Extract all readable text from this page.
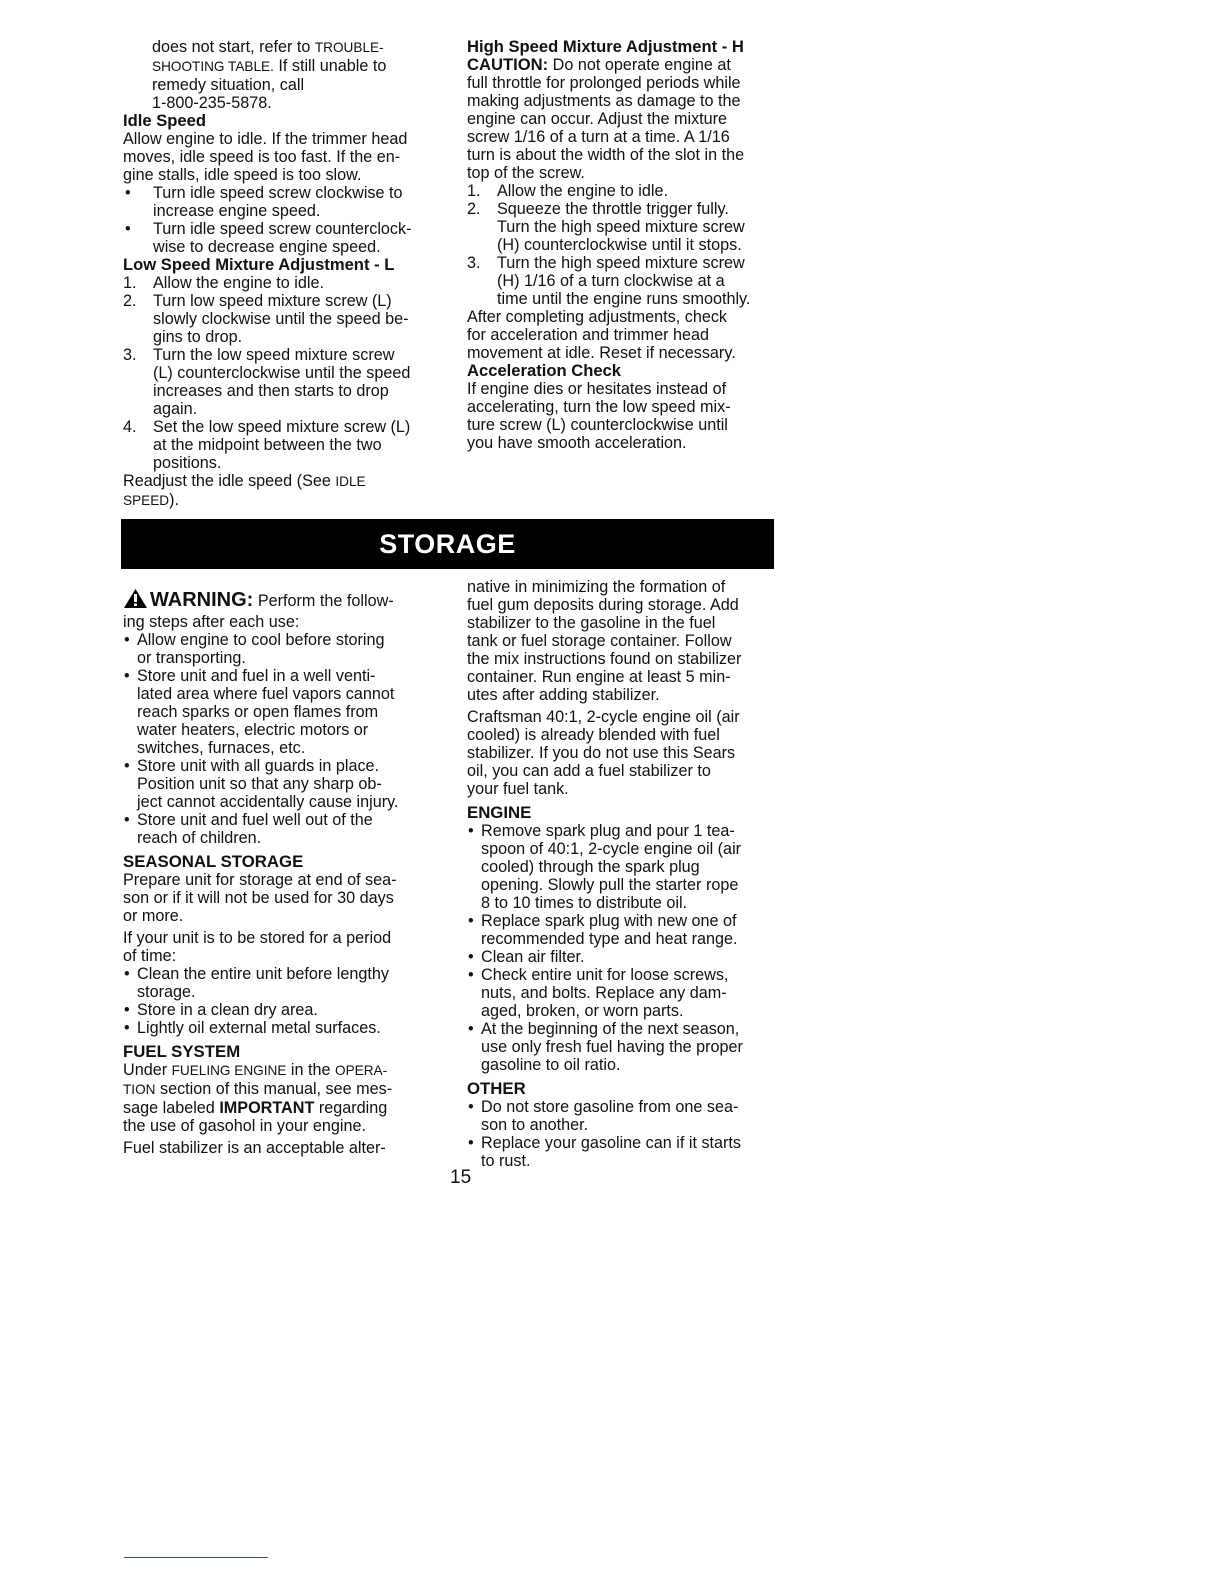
does not start, refer to TROUBLE-

SHOOTING TABLE. If still unable to

remedy situation, call

1-800-235-5878.

Idle Speed

Allow engine to idle. If the trimmer head

moves, idle speed is too fast. If the en-

gine stalls, idle speed is too slow.

•	Turn idle speed screw clockwise to

increase engine speed.

•	Turn idle speed screw counterclock-

wise to decrease engine speed.

Low Speed Mixture Adjustment - L

1.	Allow the engine to idle.

2.	Turn low speed mixture screw (L)

slowly clockwise until the speed be-

gins to drop.

3.	Turn the low speed mixture screw

(L) counterclockwise until the speed

increases and then starts to drop

again.

4.	Set the low speed mixture screw (L)

at the midpoint between the two

positions.

Readjust the idle speed (See IDLE

SPEED).

High Speed Mixture Adjustment - H

CAUTION: Do not operate engine at

full throttle for prolonged periods while

making adjustments as damage to the

engine can occur. Adjust the mixture

screw 1/16 of a turn at a time. A 1/16

turn is about the width of the slot in the

top of the screw.

1.	Allow the engine to idle.

2.	Squeeze the throttle trigger fully.

Turn the high speed mixture screw

(H) counterclockwise until it stops.

3.	Turn the high speed mixture screw

(H) 1/16 of a turn clockwise at a

time until the engine runs smoothly.

After completing adjustments, check

for acceleration and trimmer head

movement at idle. Reset if necessary.

Acceleration Check

If engine dies or hesitates instead of

accelerating, turn the low speed mix-

ture screw (L) counterclockwise until

you have smooth acceleration.

STORAGE

WARNING: Perform the follow-

ing steps after each use:

• Allow engine to cool before storing

or transporting.

• Store unit and fuel in a well venti-

lated area where fuel vapors cannot

reach sparks or open flames from

water heaters, electric motors or

switches, furnaces, etc.

• Store unit with all guards in place.

Position unit so that any sharp ob-

ject cannot accidentally cause injury.

• Store unit and fuel well out of the

reach of children.

SEASONAL STORAGE

Prepare unit for storage at end of sea-

son or if it will not be used for 30 days

or more.

If your unit is to be stored for a period

of time:

• Clean the entire unit before lengthy

storage.

• Store in a clean dry area.

• Lightly oil external metal surfaces.

FUEL SYSTEM

Under FUELING ENGINE in the OPERA-

TION section of this manual, see mes-

sage labeled IMPORTANT regarding

the use of gasohol in your engine.

Fuel stabilizer is an acceptable alter-

native in minimizing the formation of

fuel gum deposits during storage. Add

stabilizer to the gasoline in the fuel

tank or fuel storage container. Follow

the mix instructions found on stabilizer

container. Run engine at least 5 min-

utes after adding stabilizer.

Craftsman 40:1, 2-cycle engine oil (air

cooled) is already blended with fuel

stabilizer. If you do not use this Sears

oil, you can add a fuel stabilizer to

your fuel tank.

ENGINE

• Remove spark plug and pour 1 tea-

spoon of 40:1, 2-cycle engine oil (air

cooled) through the spark plug

opening. Slowly pull the starter rope

8 to 10 times to distribute oil.

• Replace spark plug with new one of

recommended type and heat range.

• Clean air filter.

• Check entire unit for loose screws,

nuts, and bolts. Replace any dam-

aged, broken, or worn parts.

• At the beginning of the next season,

use only fresh fuel having the proper

gasoline to oil ratio.

OTHER

• Do not store gasoline from one sea-

son to another.

• Replace your gasoline can if it starts

to rust.

15
